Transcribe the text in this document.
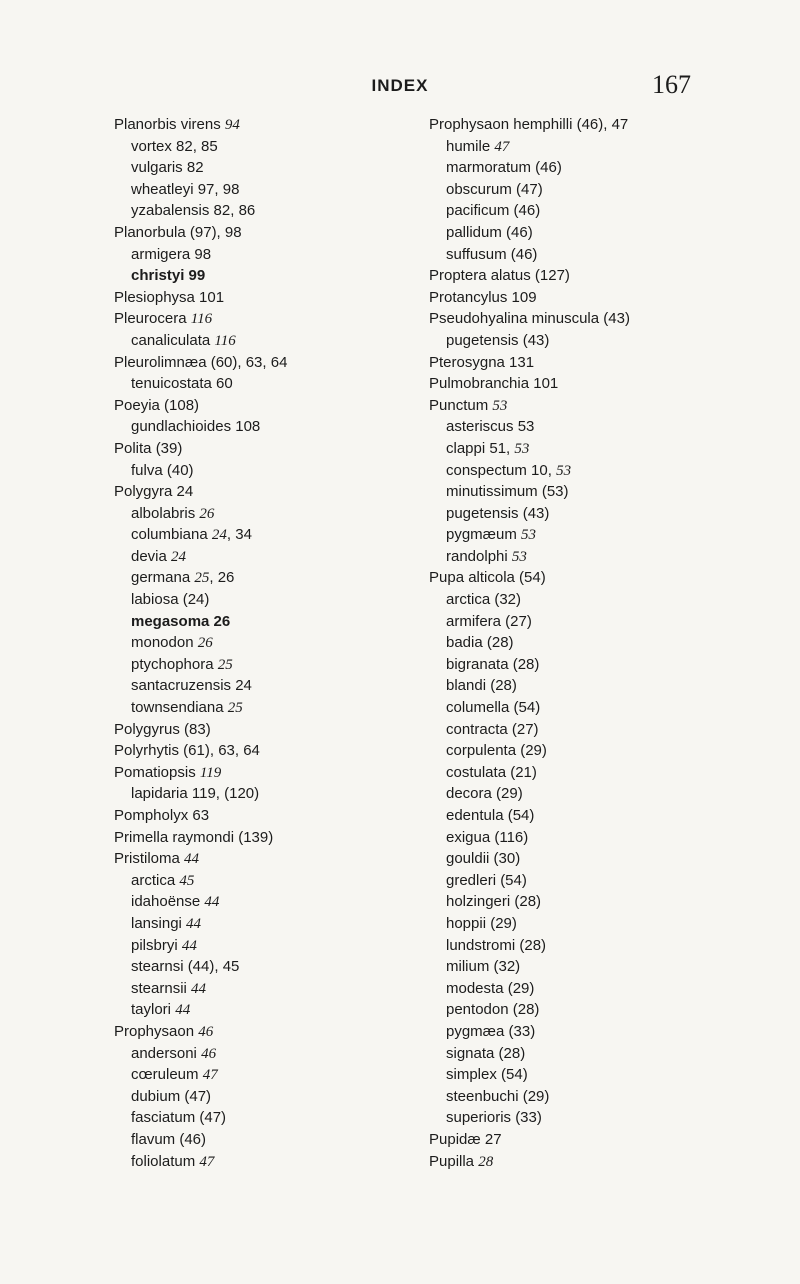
INDEX	167
Planorbis virens 94
vortex 82, 85
vulgaris 82
wheatleyi 97, 98
yzabalensis 82, 86
Planorbula (97), 98
armigera 98
christyi 99
Plesiophysa 101
Pleurocera 116
canaliculata 116
Pleurolimnæa (60), 63, 64
tenuicostata 60
Poeyia (108)
gundlachioides 108
Polita (39)
fulva (40)
Polygyra 24
albolabris 26
columbiana 24, 34
devia 24
germana 25, 26
labiosa (24)
megasoma 26
monodon 26
ptychophora 25
santacruzensis 24
townsendiana 25
Polygyrus (83)
Polyrhytis (61), 63, 64
Pomatiopsis 119
lapidaria 119, (120)
Pompholyx 63
Primella raymondi (139)
Pristiloma 44
arctica 45
idahoënse 44
lansingi 44
pilsbryi 44
stearnsi (44), 45
stearnsii 44
taylori 44
Prophysaon 46
andersoni 46
cœruleum 47
dubium (47)
fasciatum (47)
flavum (46)
foliolatum 47
Prophysaon hemphilli (46), 47
humile 47
marmoratum (46)
obscurum (47)
pacificum (46)
pallidum (46)
suffusum (46)
Proptera alatus (127)
Protancylus 109
Pseudohyalina minuscula (43)
pugetensis (43)
Pterosygna 131
Pulmobranchia 101
Punctum 53
asteriscus 53
clappi 51, 53
conspectum 10, 53
minutissimum (53)
pugetensis (43)
pygmæum 53
randolphi 53
Pupa alticola (54)
arctica (32)
armifera (27)
badia (28)
bigranata (28)
blandi (28)
columella (54)
contracta (27)
corpulenta (29)
costulata (21)
decora (29)
edentula (54)
exigua (116)
gouldii (30)
gredleri (54)
holzingeri (28)
hoppii (29)
lundstromi (28)
milium (32)
modesta (29)
pentodon (28)
pygmæa (33)
signata (28)
simplex (54)
steenbuchi (29)
superioris (33)
Pupidæ 27
Pupilla 28
